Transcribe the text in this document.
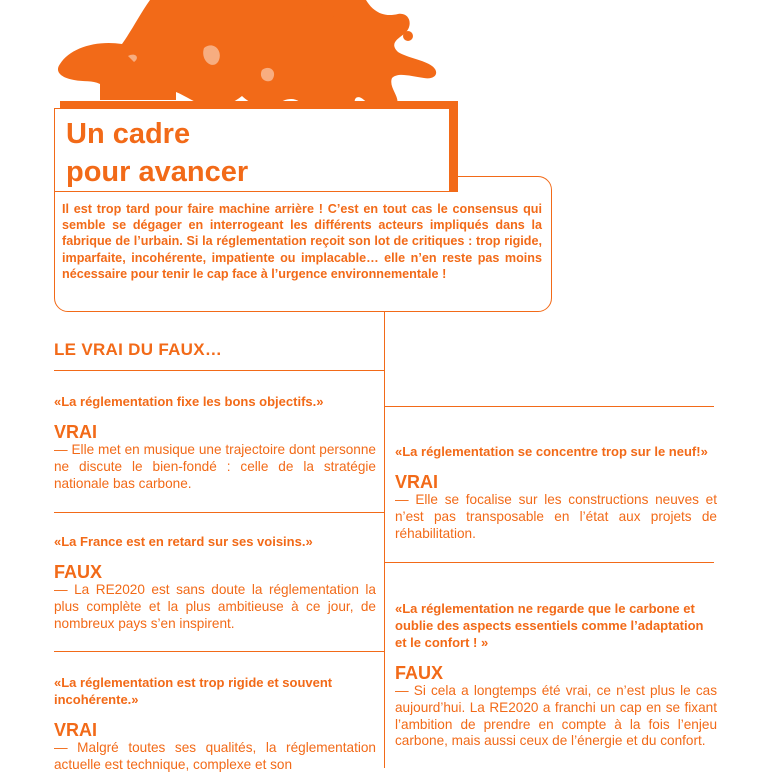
Un cadre
pour avancer

Il est trop tard pour faire machine arrière ! C’est en tout cas le consensus qui semble se dégager en interrogeant les différents acteurs impliqués dans la fabrique de l’urbain. Si la réglementation reçoit son lot de critiques : trop rigide, imparfaite, incohérente, impatiente ou implacable… elle n’en reste pas moins nécessaire pour tenir le cap face à l’urgence environnementale !

LE VRAI DU FAUX…

«La réglementation fixe les bons objectifs.»

VRAI

— Elle met en musique une trajectoire dont personne ne discute le bien-fondé : celle de la stratégie nationale bas carbone.

«La France est en retard sur ses voisins.»

FAUX

— La RE2020 est sans doute la réglementation la plus complète et la plus ambitieuse à ce jour, de nombreux pays s’en inspirent.

«La réglementation est trop rigide et souvent incohérente.»

VRAI

— Malgré toutes ses qualités, la réglementation actuelle est technique, complexe et son

«La réglementation se concentre trop sur le neuf!»

VRAI

— Elle se focalise sur les constructions neuves et n’est pas transposable en l’état aux projets de réhabilitation.

«La réglementation ne regarde que le carbone et oublie des aspects essentiels comme l’adaptation et le confort ! »

FAUX

— Si cela a longtemps été vrai, ce n’est plus le cas aujourd’hui. La RE2020 a franchi un cap en se fixant l’ambition de prendre en compte à la fois l’enjeu carbone, mais aussi ceux de l’énergie et du confort.
